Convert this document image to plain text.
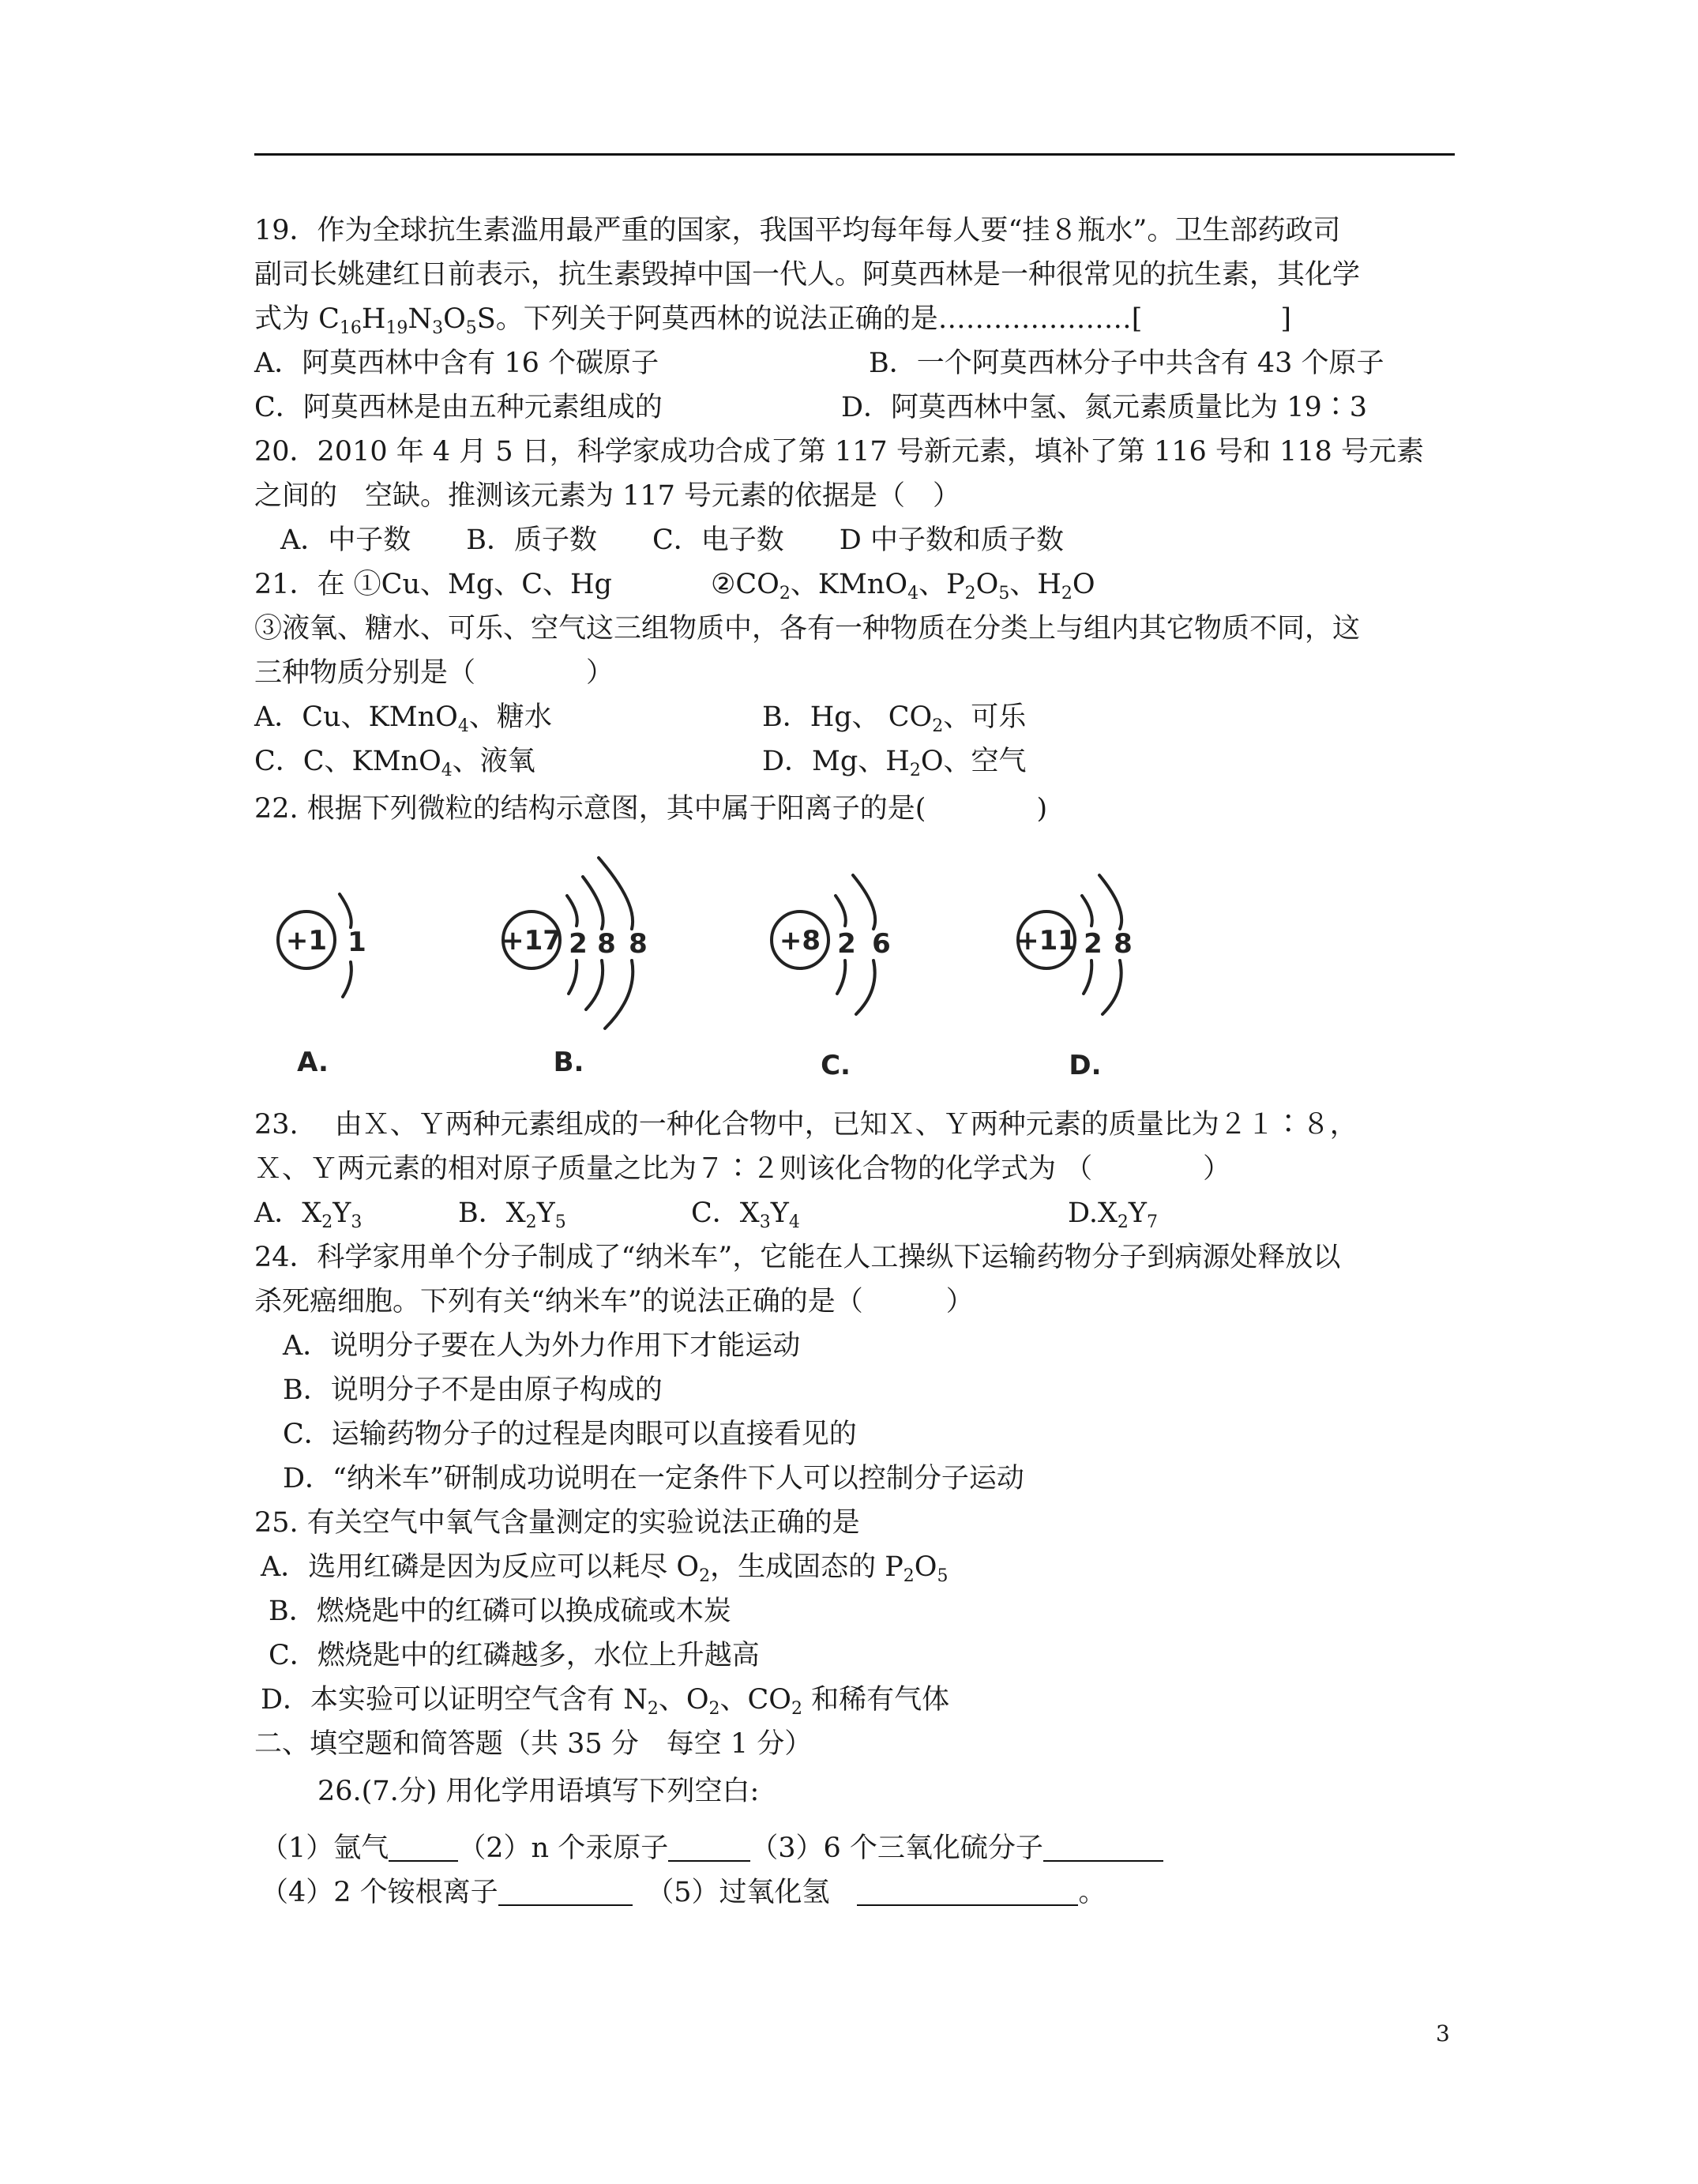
19．作为全球抗生素滥用最严重的国家，我国平均每年每人要“挂８瓶水”。卫生部药政司
副司长姚建红日前表示，抗生素毁掉中国一代人。阿莫西林是一种很常见的抗生素，其化学
式为 $C_{16}H_{19}N_3O_5S$。下列关于阿莫西林的说法正确的是…………………[　　　　　]
A．阿莫西林中含有 16 个碳原子	B．一个阿莫西林分子中共含有 43 个原子
C．阿莫西林是由五种元素组成的	D．阿莫西林中氢、氮元素质量比为 19∶3
20．2010 年 4 月 5 日，科学家成功合成了第 117 号新元素，填补了第 116 号和 118 号元素
之间的　空缺。推测该元素为 117 号元素的依据是（　）
A．中子数　　B．质子数　　C．电子数　　D 中子数和质子数
21．在 ①Cu、Mg、C、Hg	$②CO_2$、KMnO$_4$、$P_2O_5$、$H_2O$
③液氧、糖水、可乐、空气这三组物质中，各有一种物质在分类上与组内其它物质不同，这
三种物质分别是（　　　　）
A．Cu、KMnO$_4$、糖水	B．Hg、 $CO_2$、可乐
C．C、KMnO$_4$、液氧	D．Mg、$H_2O$、空气
22. 根据下列微粒的结构示意图，其中属于阳离子的是(　　　　)
+1 1	+17 2 8 8	+8 2 6	+11 2 8
A.	B.	C.	D.
23.　 由Ｘ、Ｙ两种元素组成的一种化合物中，已知Ｘ、Ｙ两种元素的质量比为２１∶８，
Ｘ、Ｙ两元素的相对原子质量之比为７∶２则该化合物的化学式为 （　　　　）
A．$X_2Y_3$	B．$X_2Y_5$	C．$X_3Y_4$	$D.X_2Y_7$
24．科学家用单个分子制成了“纳米车”，它能在人工操纵下运输药物分子到病源处释放以
杀死癌细胞。下列有关“纳米车”的说法正确的是（　　　）
A．说明分子要在人为外力作用下才能运动
B．说明分子不是由原子构成的
C．运输药物分子的过程是肉眼可以直接看见的
D．“纳米车”研制成功说明在一定条件下人可以控制分子运动
25. 有关空气中氧气含量测定的实验说法正确的是
A．选用红磷是因为反应可以耗尽 $O_2$，生成固态的 $P_2O_5$
B．燃烧匙中的红磷可以换成硫或木炭
C．燃烧匙中的红磷越多，水位上升越高
D．本实验可以证明空气含有 $N_2$、$O_2$、$CO_2$ 和稀有气体
二、填空题和简答题（共 35 分　每空 1 分）
26.(7.分) 用化学用语填写下列空白:
（1）氩气	（2）n 个汞原子	（3）6 个三氧化硫分子
（4）2 个铵根离子　	（5）过氧化氢　	。
3
